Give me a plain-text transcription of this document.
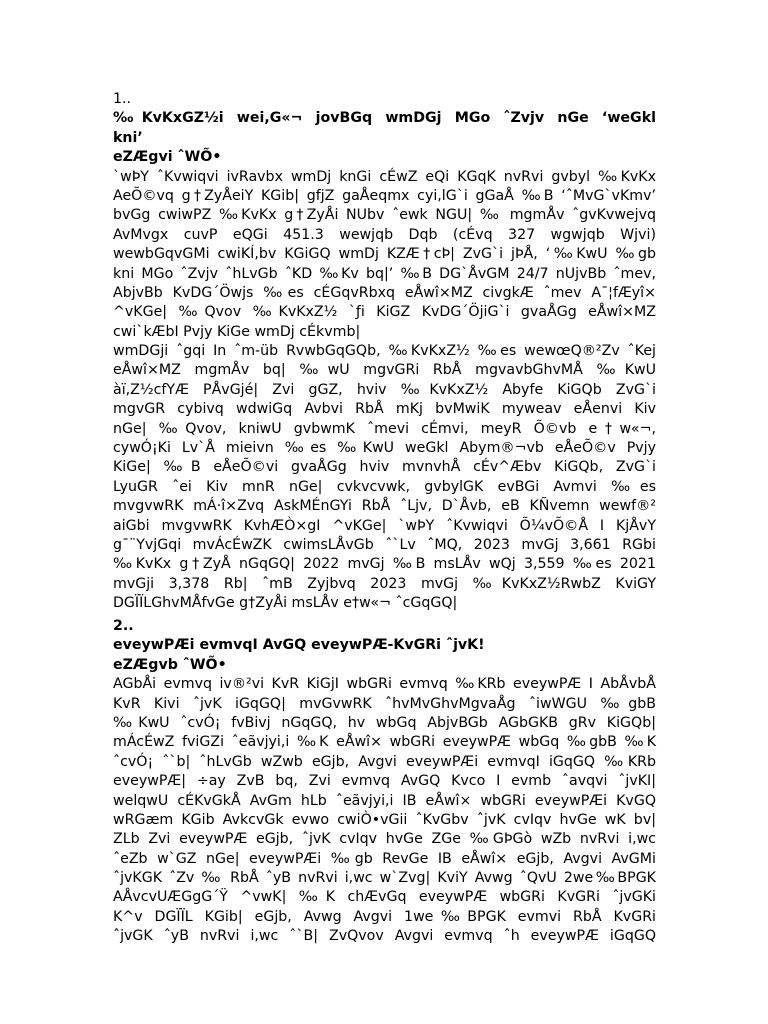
1..
‰KvKxGZ½i wei,G«¬ jovBGq wmDGj MGo ˆZvjv nGe ‘weGkl
kni’
eZÆgvi ˆWÕ•
`wÞY ˆKvwiqvi ivRavbx wmDj knGi cÉwZ eQi KGqK nvRvi gvbyl ‰KvKx
AeÕ©vq g†ZyÅeiY KGib| gfjZ gaÅeqmx cyi,lG`i gGaÅ ‰B ‘ˆMvG`vKmv’
bvGg cwiwPZ ‰KvKx g†ZyÅi NUbv ˆewk NGU| ‰ mgmÅv ˆgvKvwejvq
AvMvgx cuvP eQGi 451.3 wewjqb Dqb (cÉvq 327 wgwjqb Wjvi)
wewbGqvGMi cwiKÍ,bv KGiGQ wmDj KZÆ†cÞ| ZvG`i jÞÅ, ‘‰KwU ‰gb
kni MGo ˆZvjv ˆhLvGb ˆKD ‰Kv bq|’ ‰B DG`ÅvGM 24/7 nUjvBb ˆmev,
AbjvBb KvDG´Öwjs ‰es cÉGqvRbxq eÅwî×MZ civgkÆ ˆmev A¯¦fÆyî×
^vKGe| ‰Qvov ‰KvKxZ½ `ƒi KiGZ KvDG´ÖjiG`i gvaÅGg eÅwî×MZ
cwi`kÆbI Pvjy KiGe wmDj cÉkvmb|
wmDGji ˆgqi In ˆm-üb RvwbGqGQb, ‰KvKxZ½ ‰es wewœQ®²Zv ˆKej
eÅwî×MZ mgmÅv bq| ‰wU mgvGRi RbÅ mgvavbGhvMÅ ‰KwU
àï,Z½cfYÆ PÅvGjé| Zvi gGZ, hviv ‰KvKxZ½ Abyfe KiGQb ZvG`i
mgvGR cybivq wdwiGq Avbvi RbÅ mKj bvMwiK myweav eÅenvi Kiv
nGe| ‰Qvov, kniwU gvbwmK ˆmevi cÉmvi, meyR Õ©vb e†w«¬,
cywÓ¡Ki Lv`Å mieivn ‰es ‰KwU weGkl Abym®¬vb eÅeÕ©v Pvjy
KiGe| ‰B eÅeÕ©vi gvaÅGg hviv mvnvhÅ cÉv^Æbv KiGQb, ZvG`i
LyuGR ˆei Kiv mnR nGe| cvkvcvwk, gvbylGK evBGi Avmvi ‰es
mvgvwRK mÁ·î×Zvq AskMÉnGYi RbÅ ˆLjv, D`Åvb, eB KÑvemn wewf®²
aiGbi mvgvwRK KvhÆÒ×gI ^vKGe| `wÞY ˆKvwiqvi Õ¼vÕ©Å I KjÅvY
g¯¨YvjGqi mvÁcÉwZK cwimsLÅvGb ˆ`Lv ˆMQ, 2023 mvGj 3,661 RGbi
‰KvKx g†ZyÅ nGqGQ| 2022 mvGj ‰B msLÅv wQj 3,559 ‰es 2021
mvGji 3,378 Rb| ˆmB Zyjbvq 2023 mvGj ‰KvKxZ½RwbZ KviGY
DGÏÏLGhvMÅfvGe g†ZyÅi msLÅv e†w«¬ ˆcGqGQ|
2..
eveywPÆi evmvqI AvGQ eveywPÆ-KvGRi ˆjvK!
eZÆgvb ˆWÕ•
AGbÅi evmvq iv®²vi KvR KiGjI wbGRi evmvq ‰KRb eveywPÆ I AbÅvbÅ
KvR Kivi ˆjvK iGqGQ| mvGvwRK ˆhvMvGhvMgvaÅg ˆiwWGU ‰gbB
‰KwU ˆcvÓ¡ fvBivj nGqGQ, hv wbGq AbjvBGb AGbGKB gRv KiGQb|
mÁcÉwZ fviGZi ˆeãvjyi,i ‰K eÅwî× wbGRi eveywPÆ wbGq ‰gbB ‰K
ˆcvÓ¡ ˆ`b| ˆhLvGb wZwb eGjb, Avgvi eveywPÆi evmvqI iGqGQ ‰KRb
eveywPÆ| ÷ay ZvB bq, Zvi evmvq AvGQ Kvco I evmb ˆavqvi ˆjvKI|
welqwU cÉKvGkÅ AvGm hLb ˆeãvjyi,i IB eÅwî× wbGRi eveywPÆi KvGQ
wRGæm KGib AvkcvGk evwo cwiÒ•vGii ˆKvGbv ˆjvK cvIqv hvGe wK bv|
ZLb Zvi eveywPÆ eGjb, ˆjvK cvIqv hvGe ZGe ‰GÞGò wZb nvRvi i,wc
ˆeZb w`GZ nGe| eveywPÆi ‰gb RevGe IB eÅwî× eGjb, Avgvi AvGMi
ˆjvKGK ˆZv ‰ RbÅ ˆyB nvRvi i,wc w`Zvg| KviY Avwg ˆQvU 2we‰BPGK
AÅvcvUÆGgG´Ÿ ^vwK| ‰K chÆvGq eveywPÆ wbGRi KvGRi ˆjvGKi
K^v DGÏÏL KGib| eGjb, Avwg Avgvi 1we‰BPGK evmvi RbÅ KvGRi
ˆjvGK ˆyB nvRvi i,wc ˆ`B| ZvQvov Avgvi evmvq ˆh eveywPÆ iGqGQ
